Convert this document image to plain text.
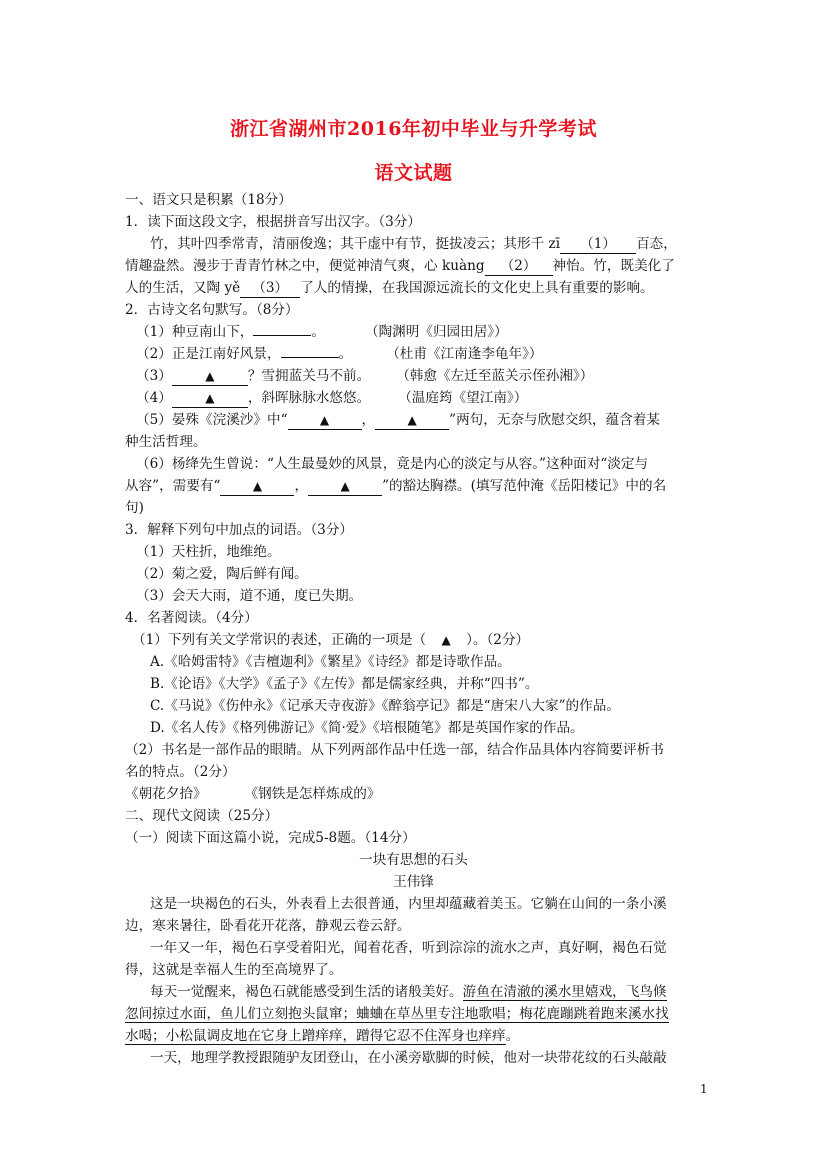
浙江省湖州市2016年初中毕业与升学考试
语文试题
一、语文只是积累（18分）
1．读下面这段文字，根据拼音写出汉字。（3分）
竹，其叶四季常青，清丽俊逸；其干虚中有节，挺拔凌云；其形千 zī （1） 百态，
情趣盎然。漫步于青青竹林之中，便觉神清气爽，心 kuàng （2） 神怡。竹，既美化了
人的生活，又陶 yě （3） 了人的情操，在我国源远流长的文化史上具有重要的影响。
2．古诗文名句默写。（8分）
（1）种豆南山下，	。	（陶渊明《归园田居》）
（2）正是江南好风景，	。	（杜甫《江南逢李龟年》）
（3）	▲ ？雪拥蓝关马不前。 （韩愈《左迁至蓝关示侄孙湘》）
（4）	▲ ，斜晖脉脉水悠悠。 （温庭筠《望江南》）
（5）晏殊《浣溪沙》中“	▲ ，	▲ ”两句，无奈与欣慰交织，蕴含着某
种生活哲理。
（6）杨绛先生曾说：“人生最曼妙的风景，竟是内心的淡定与从容。”这种面对“淡定与
从容”，需要有“	▲ ，	▲ ”的豁达胸襟。(填写范仲淹《岳阳楼记》中的名
句)
3．解释下列句中加点的词语。（3分）
（1）天柱折，地维绝。
（2）菊之爱，陶后鲜有闻。
（3）会天大雨，道不通，度已失期。
4．名著阅读。（4分）
（1）下列有关文学常识的表述，正确的一项是（ ▲ ）。（2分）
A.《哈姆雷特》《吉檀迦利》《繁星》《诗经》都是诗歌作品。
B.《论语》《大学》《孟子》《左传》都是儒家经典，并称“四书”。
C.《马说》《伤仲永》《记承天寺夜游》《醉翁亭记》都是“唐宋八大家”的作品。
D.《名人传》《格列佛游记》《简·爱》《培根随笔》都是英国作家的作品。
（2）书名是一部作品的眼睛。从下列两部作品中任选一部，结合作品具体内容简要评析书
名的特点。（2分）
《朝花夕拾》	《钢铁是怎样炼成的》
二、现代文阅读（25分）
（一）阅读下面这篇小说，完成5-8题。（14分）
一块有思想的石头
王伟锋
这是一块褐色的石头，外表看上去很普通，内里却蕴藏着美玉。它躺在山间的一条小溪
边，寒来暑往，卧看花开花落，静观云卷云舒。
一年又一年，褐色石享受着阳光，闻着花香，听到淙淙的流水之声，真好啊，褐色石觉
得，这就是幸福人生的至高境界了。
每天一觉醒来，褐色石就能感受到生活的诸般美好。游鱼在清澈的溪水里嬉戏，飞鸟倏
忽间掠过水面，鱼儿们立刻抱头鼠窜；蛐蛐在草丛里专注地歌唱；梅花鹿蹦跳着跑来溪水找
水喝；小松鼠调皮地在它身上蹭痒痒，蹭得它忍不住浑身也痒痒。
一天，地理学教授跟随驴友团登山，在小溪旁歇脚的时候，他对一块带花纹的石头敲敲
1
